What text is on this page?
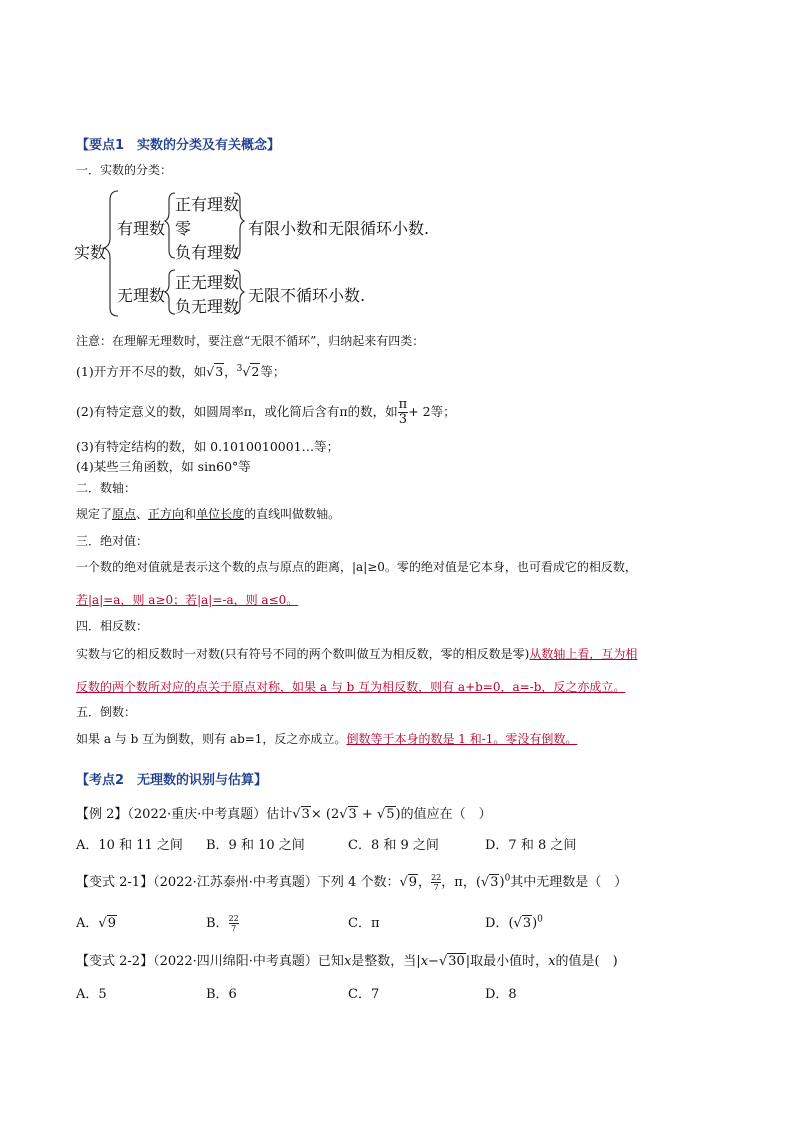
【要点1　实数的分类及有关概念】
一．实数的分类：
实数
有理数
正有理数
零
负有理数
有限小数和无限循环小数.
无理数
正无理数
负无理数
无限不循环小数.
注意：在理解无理数时，要注意“无限不循环”，归纳起来有四类：
(1)开方开不尽的数，如√3，$^3$√2等；
(2)有特定意义的数，如圆周率π，或化简后含有π的数，如 $\frac{\pi}{3} + 2$等；
(3)有特定结构的数，如 0.1010010001…等；
(4)某些三角函数，如 sin60°等
二．数轴：
规定了原点、正方向和单位长度的直线叫做数轴。
三．绝对值：
一个数的绝对值就是表示这个数的点与原点的距离，|a|≥0。零的绝对值是它本身，也可看成它的相反数，
若|a|=a，则 a≥0；若|a|=-a，则 a≤0。
四．相反数：
实数与它的相反数时一对数(只有符号不同的两个数叫做互为相反数，零的相反数是零)从数轴上看，互为相
反数的两个数所对应的点关于原点对称，如果 a 与 b 互为相反数，则有 a+b=0，a=-b，反之亦成立。
五．倒数：
如果 a 与 b 互为倒数，则有 ab=1，反之亦成立。倒数等于本身的数是 1 和-1。零没有倒数。
【考点2　无理数的识别与估算】
【例 2】（2022·重庆·中考真题）估计√3× (2√3 + √5)的值应在（　）
A．10 和 11 之间 B．9 和 10 之间	C．8 和 9 之间	D．7 和 8 之间
【变式 2-1】（2022·江苏泰州·中考真题）下列 4 个数：√9， $\frac{22}{7}$ ，π，$(√3)^0$其中无理数是（　）
A．√9	B． $\frac{22}{7}$	C．π	D．$(√3)^0$
【变式 2-2】（2022·四川绵阳·中考真题）已知x是整数，当|x−√30|取最小值时，x的值是(　)
A．5	B．6	C．7	D．8
